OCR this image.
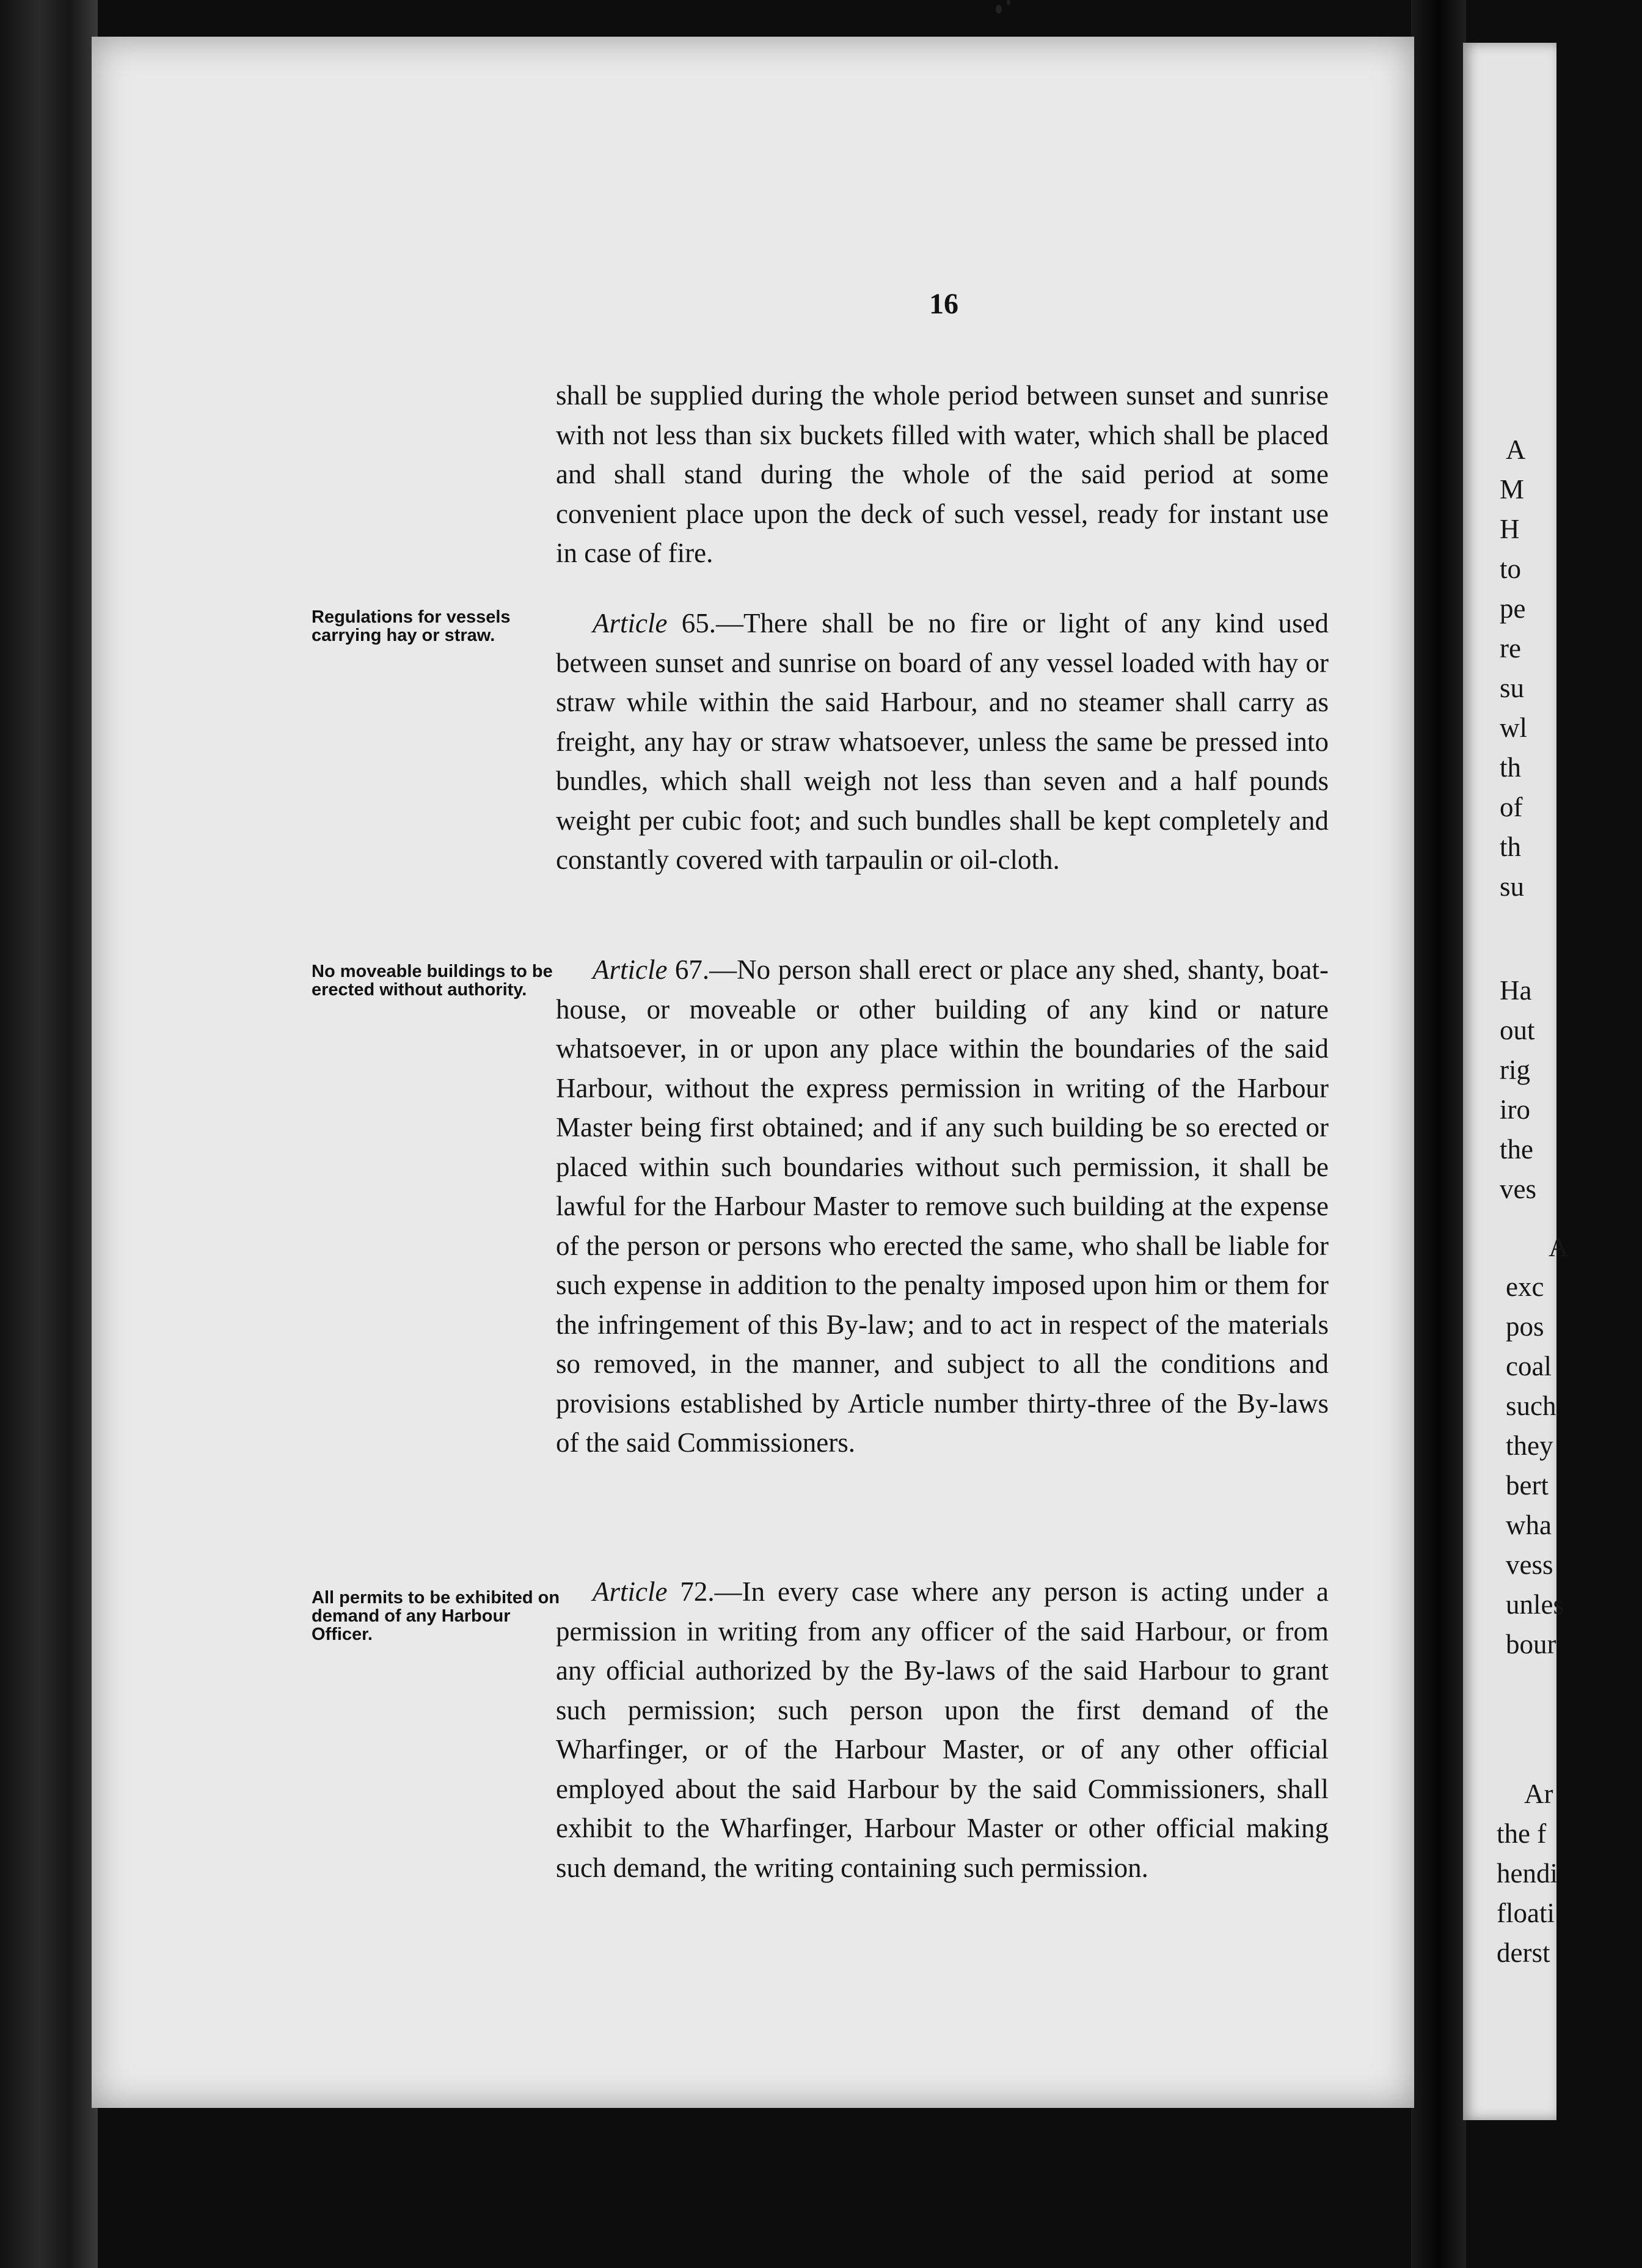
16
shall be supplied during the whole period between sunset and sunrise with not less than six buckets filled with water, which shall be placed and shall stand during the whole of the said period at some convenient place upon the deck of such vessel, ready for instant use in case of fire.
Regulations for vessels carrying hay or straw.	Article 65.—There shall be no fire or light of any kind used between sunset and sunrise on board of any vessel loaded with hay or straw while within the said Harbour, and no steamer shall carry as freight, any hay or straw whatsoever, unless the same be pressed into bundles, which shall weigh not less than seven and a half pounds weight per cubic foot; and such bundles shall be kept completely and constantly covered with tarpaulin or oil-cloth.
No moveable buildings to be erected without authority.
Article 67.—No person shall erect or place any shed, shanty, boat-house, or moveable or other building of any kind or nature whatsoever, in or upon any place within the boundaries of the said Harbour, without the express permission in writing of the Harbour Master being first obtained; and if any such building be so erected or placed within such boundaries without such permission, it shall be lawful for the Harbour Master to remove such building at the expense of the person or persons who erected the same, who shall be liable for such expense in addition to the penalty imposed upon him or them for the infringement of this By-law; and to act in respect of the materials so removed, in the manner, and subject to all the conditions and provisions established by Article number thirty-three of the By-laws of the said Commissioners.
All permits to be exhibited on demand of any Harbour Officer.
Article 72.—In every case where any person is acting under a permission in writing from any officer of the said Harbour, or from any official authorized by the By-laws of the said Harbour to grant such permission; such person upon the first demand of the Wharfinger, or of the Harbour Master, or of any other official employed about the said Harbour by the said Commissioners, shall exhibit to the Wharfinger, Harbour Master or other official making such demand, the writing containing such permission.
A
M
H
to
pe
re
su
wl
th
of
th
su
Ha
out
rig
iro
the
ves
A
exc
pos
coal
such
they
bert
wha
vess
unles
bour
Ar
the f
hendi
floati
derst
